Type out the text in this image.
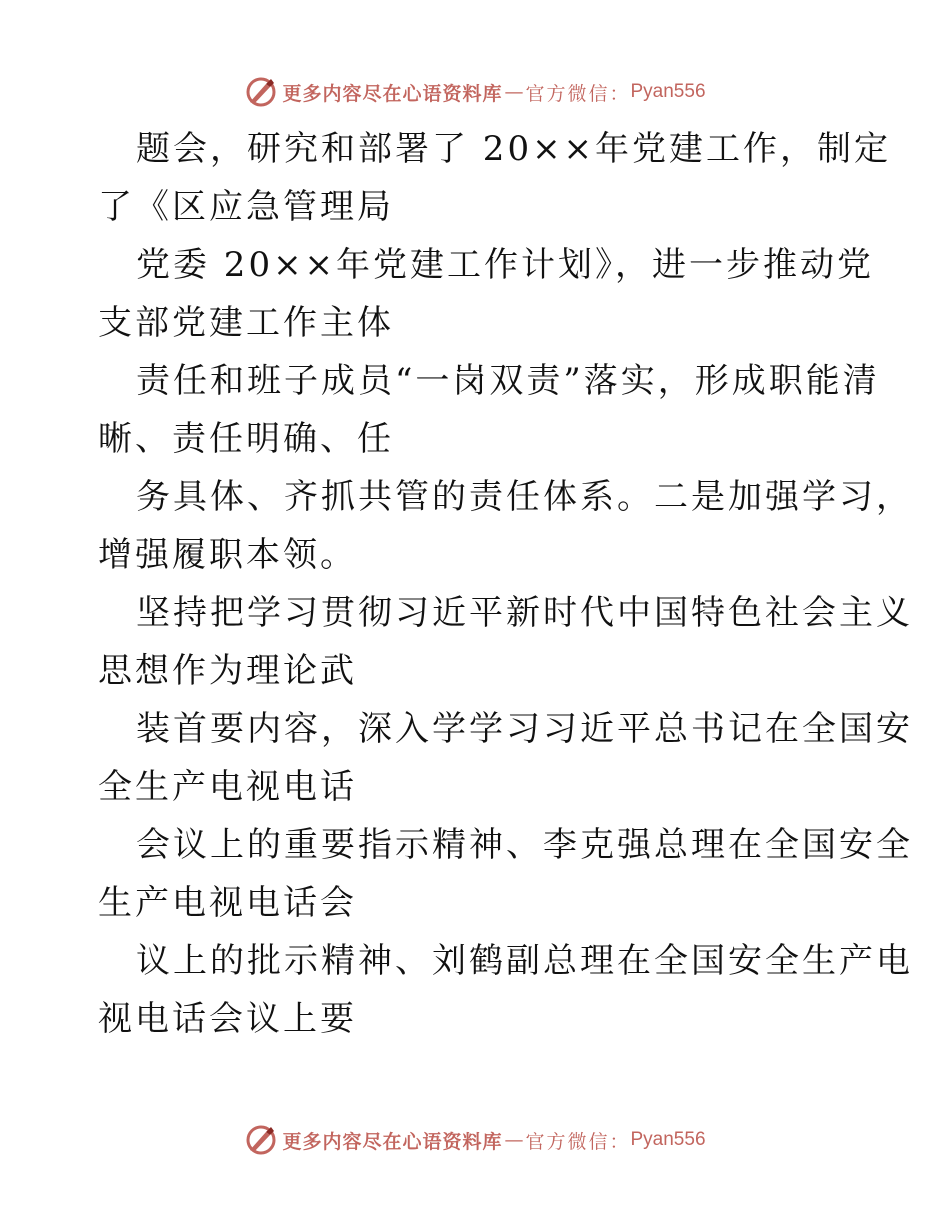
更多内容尽在心语资料库 — 官方微信： Pyan556
题会，研究和部署了 20××年党建工作，制定
了《区应急管理局
党委 20××年党建工作计划》，进一步推动党
支部党建工作主体
责任和班子成员“一岗双责”落实，形成职能清
晰、责任明确、任
务具体、齐抓共管的责任体系。二是加强学习，
增强履职本领。
坚持把学习贯彻习近平新时代中国特色社会主义
思想作为理论武
装首要内容，深入学学习习近平总书记在全国安
全生产电视电话
会议上的重要指示精神、李克强总理在全国安全
生产电视电话会
议上的批示精神、刘鹤副总理在全国安全生产电
视电话会议上要
更多内容尽在心语资料库 — 官方微信： Pyan556
